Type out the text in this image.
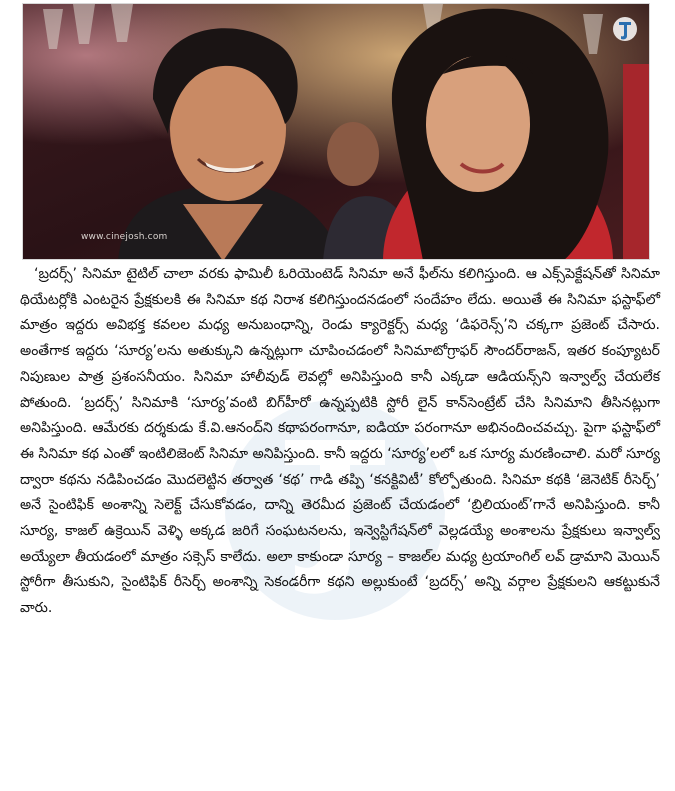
www.cinejosh.com

‘బ్రదర్స్’ సినిమా టైటిల్ చాలా వరకు ఫామిలీ ఓరియెంటెడ్ సినిమా అనే ఫీల్‌ను కలిగిస్తుంది. ఆ ఎక్స్‌పెక్టేషన్‌తో సినిమా థియేటర్లోకి ఎంటరైన ప్రేక్షకులకి ఈ సినిమా కథ నిరాశ కలిగిస్తుందనడంలో సందేహం లేదు. అయితే ఈ సినిమా ఫస్టాఫ్‌లో మాత్రం ఇద్దరు అవిభక్త కవలల మధ్య అనుబంధాన్ని, రెండు క్యారెక్టర్స్ మధ్య ‘డిఫరెన్స్’ని చక్కగా ప్రజెంట్ చేసారు. అంతేగాక ఇద్దరు ‘సూర్య’లను అతుక్కుని ఉన్నట్లుగా చూపించడంలో సినిమాటోగ్రాఫర్ సౌందర్‌రాజన్, ఇతర కంప్యూటర్ నిపుణుల పాత్ర ప్రశంసనీయం. సినిమా హాలీవుడ్ లెవల్లో అనిపిస్తుంది కానీ ఎక్కడా ఆడియన్స్‌ని ఇన్వాల్వ్ చేయలేక పోతుంది. ‘బ్రదర్స్’ సినిమాకి ‘సూర్య’వంటి బిగ్‌హీరో ఉన్నప్పటికి స్టోరీ లైన్ కాన్‌సెంట్రేట్ చేసి సినిమాని తీసినట్లుగా అనిపిస్తుంది. ఆమేరకు దర్శకుడు కే.వి.ఆనంద్‌ని కథాపరంగానూ, ఐడియా పరంగానూ అభినందించవచ్చు. పైగా ఫస్టాఫ్‌లో ఈ సినిమా కథ ఎంతో ఇంటిలిజెంట్ సినిమా అనిపిస్తుంది. కానీ ఇద్దరు ‘సూర్య’లలో ఒక సూర్య మరణించాలి. మరో సూర్య ద్వారా కథను నడిపించడం మొదలెట్టిన తర్వాత ‘కథ’ గాడి తప్పి ‘కనక్టివిటీ’ కోల్పోతుంది. సినిమా కథకి ‘జెనెటిక్ రీసెర్చ్’ అనే సైంటిఫిక్ అంశాన్ని సెలెక్ట్ చేసుకోవడం, దాన్ని తెరమీద ప్రజెంట్ చేయడంలో ‘బ్రిలియంట్’గానే అనిపిస్తుంది. కానీ సూర్య, కాజల్ ఉక్రెయిన్ వెళ్ళి అక్కడ జరిగే సంఘటనలను, ఇన్వెస్టిగేషన్‌లో వెల్లడయ్యే అంశాలను ప్రేక్షకులు ఇన్వాల్వ్ అయ్యేలా తీయడంలో మాత్రం సక్సెస్ కాలేదు. అలా కాకుండా సూర్య – కాజల్‌ల మధ్య ట్రయాంగిల్ లవ్ డ్రామాని మెయిన్ స్టోరీగా తీసుకుని, సైంటిఫిక్ రీసెర్చ్ అంశాన్ని సెకండరీగా కథని అల్లుకుంటే ‘బ్రదర్స్’ అన్ని వర్గాల ప్రేక్షకులని ఆకట్టుకునే వారు.
